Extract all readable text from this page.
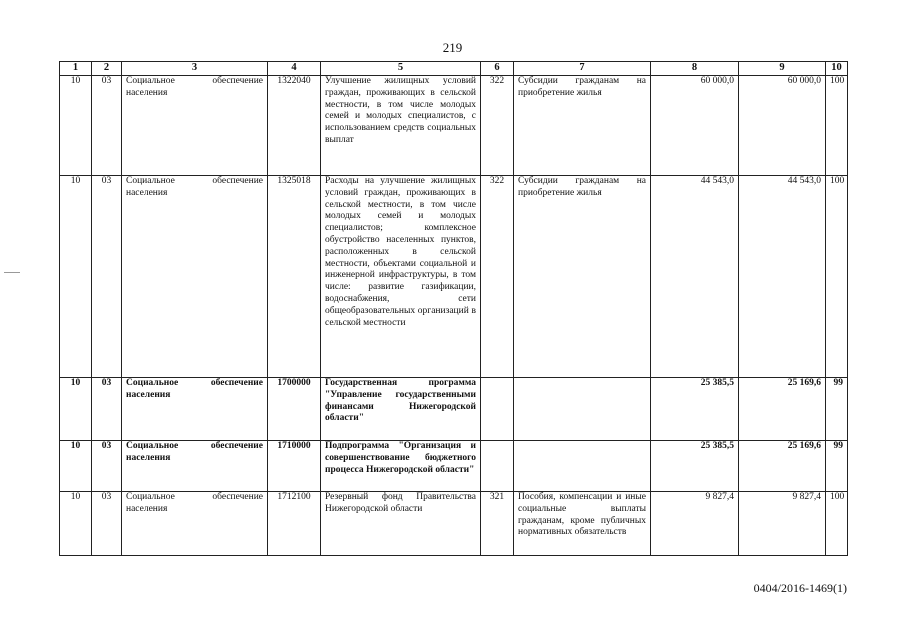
219
1	2	3	4	5	6	7	8	9	10
10	03	Социальное обеспечение населения	1322040	Улучшение жилищных условий граждан, проживающих в сельской местности, в том числе молодых семей и молодых специалистов, с использованием средств социальных выплат	322	Субсидии гражданам на приобретение жилья	60 000,0	60 000,0	100
10	03	Социальное обеспечение населения	1325018	Расходы на улучшение жилищных условий граждан, проживающих в сельской местности, в том числе молодых семей и молодых специалистов; комплексное обустройство населенных пунктов, расположенных в сельской местности, объектами социальной и инженерной инфраструктуры, в том числе: развитие газификации, водоснабжения, сети общеобразовательных организаций в сельской местности	322	Субсидии гражданам на приобретение жилья	44 543,0	44 543,0	100
10	03	Социальное обеспечение населения	1700000	Государственная программа "Управление государственными финансами Нижегородской области"			25 385,5	25 169,6	99
10	03	Социальное обеспечение населения	1710000	Подпрограмма "Организация и совершенствование бюджетного процесса Нижегородской области"			25 385,5	25 169,6	99
10	03	Социальное обеспечение населения	1712100	Резервный фонд Правительства Нижегородской области	321	Пособия, компенсации и иные социальные выплаты гражданам, кроме публичных нормативных обязательств	9 827,4	9 827,4	100
0404/2016-1469(1)
